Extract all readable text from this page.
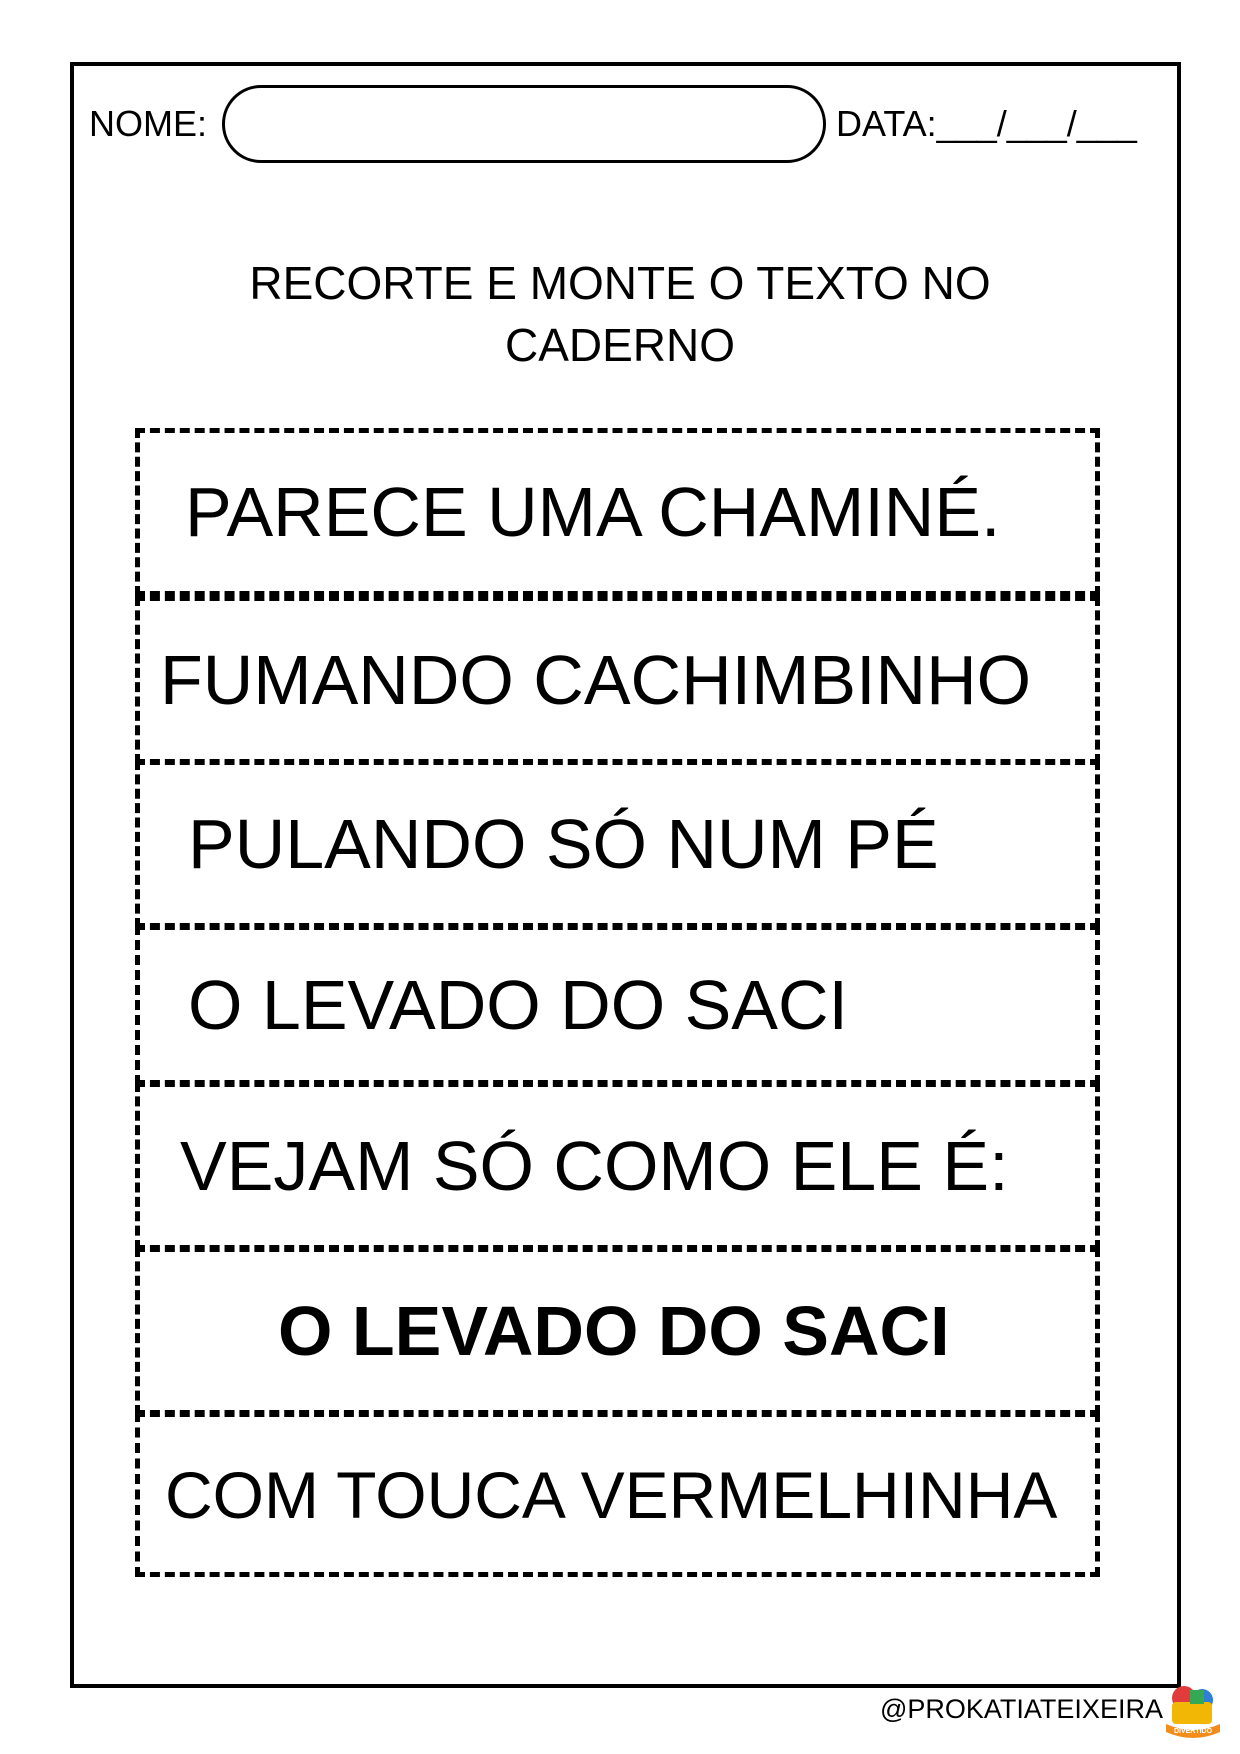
NOME:	DATA:___/___/___
RECORTE E MONTE O TEXTO NO
CADERNO
PARECE UMA CHAMINÉ.
FUMANDO CACHIMBINHO
PULANDO SÓ NUM PÉ
O LEVADO DO SACI
VEJAM SÓ COMO ELE É:
O LEVADO DO SACI
COM TOUCA VERMELHINHA
@PROKATIATEIXEIRA
DIVERTIDO
